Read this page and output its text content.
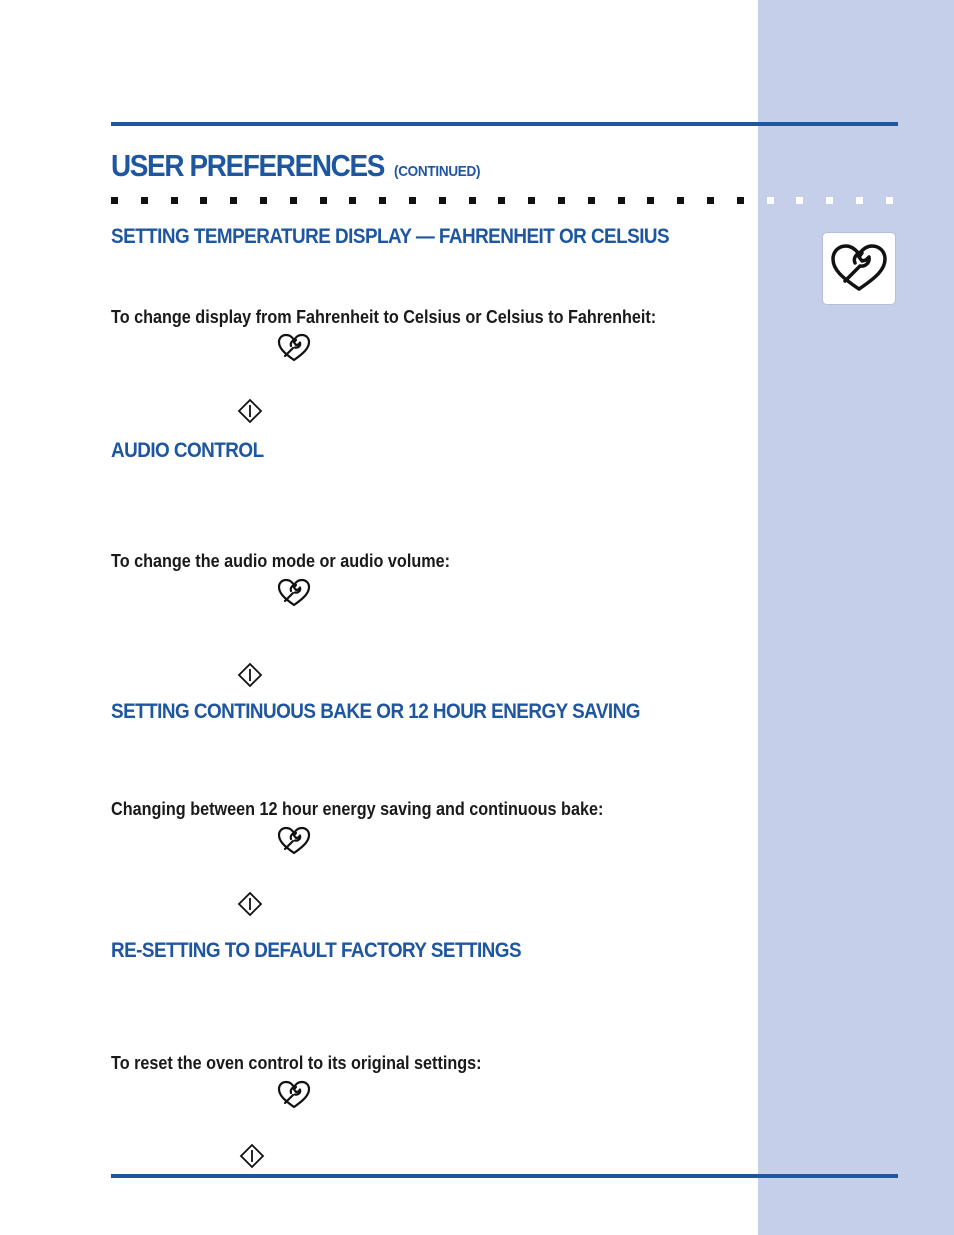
USER PREFERENCES (CONTINUED)
SETTING TEMPERATURE DISPLAY — FAHRENHEIT OR CELSIUS

To change display from Fahrenheit to Celsius or Celsius to Fahrenheit:

AUDIO CONTROL

To change the audio mode or audio volume:

SETTING CONTINUOUS BAKE OR 12 HOUR ENERGY SAVING

Changing between 12 hour energy saving and continuous bake:

RE-SETTING TO DEFAULT FACTORY SETTINGS

To reset the oven control to its original settings:
